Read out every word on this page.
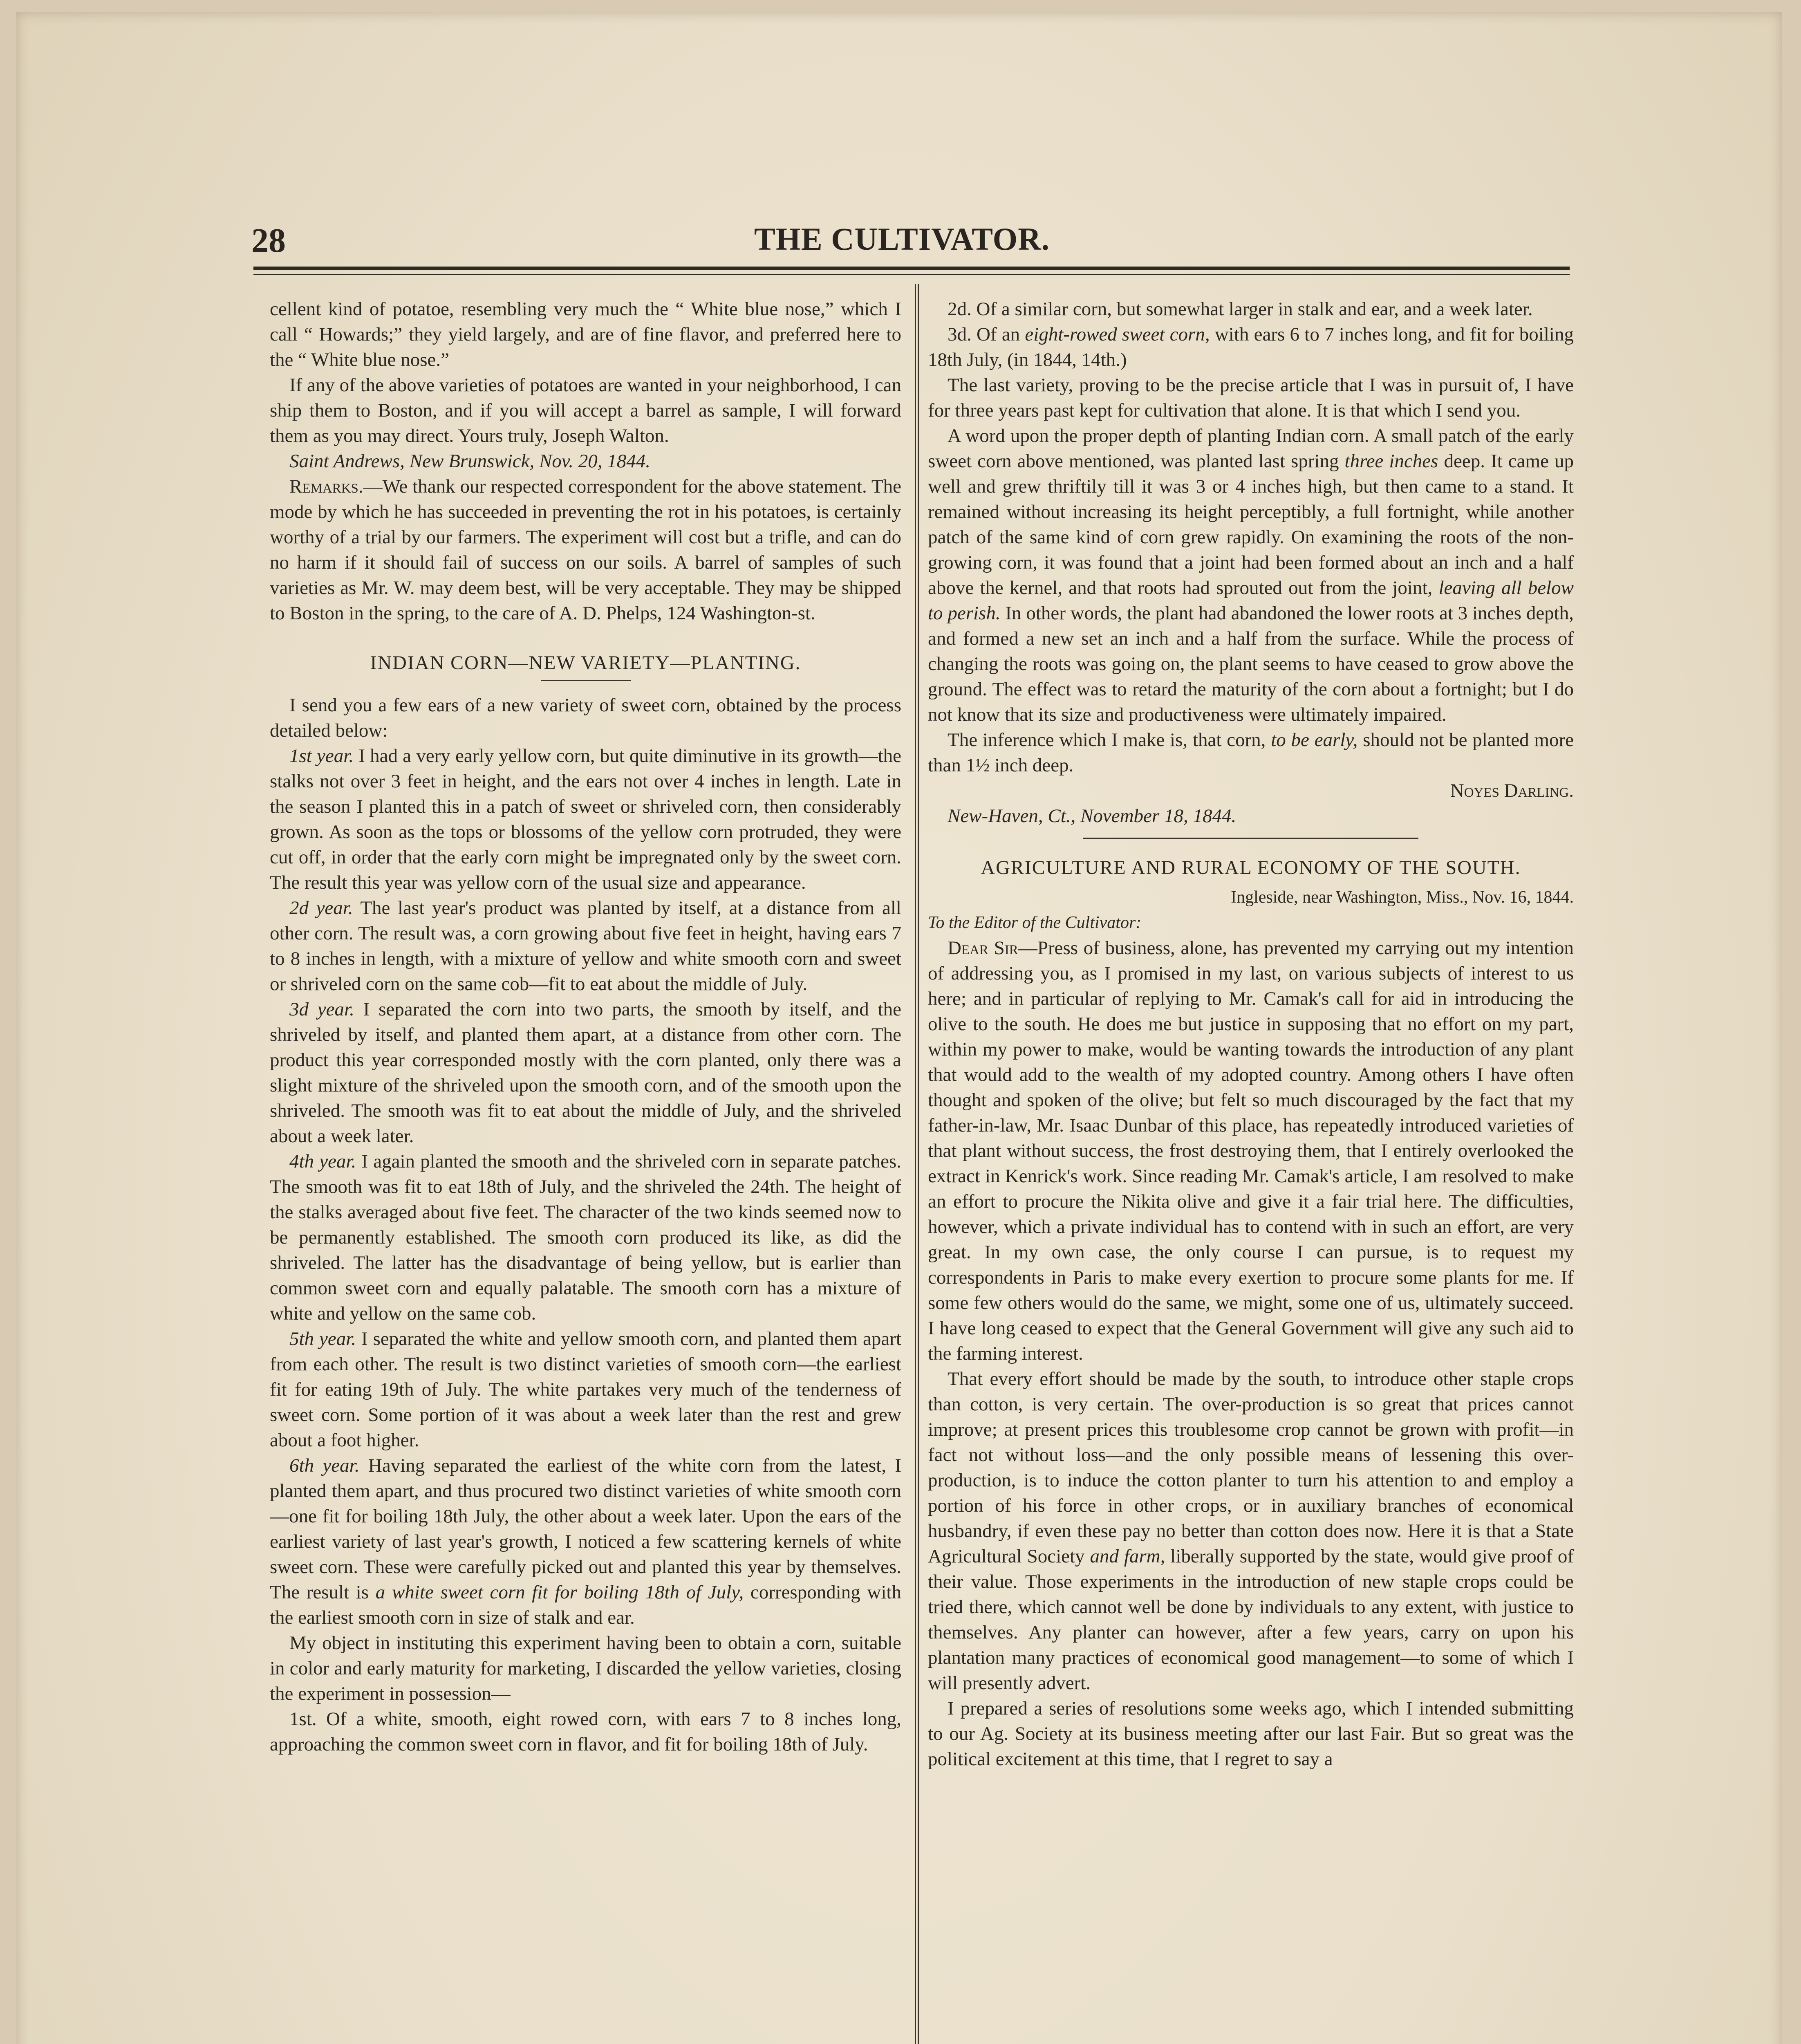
28	THE CULTIVATOR.

cellent kind of potatoe, resembling very much the “ White blue nose,” which I call “ Howards;” they yield largely, and are of fine flavor, and preferred here to the “ White blue nose.”

If any of the above varieties of potatoes are wanted in your neighborhood, I can ship them to Boston, and if you will accept a barrel as sample, I will forward them as you may direct. Yours truly, Joseph Walton.

Saint Andrews, New Brunswick, Nov. 20, 1844.

Remarks.—We thank our respected correspondent for the above statement. The mode by which he has succeeded in preventing the rot in his potatoes, is certainly worthy of a trial by our farmers. The experiment will cost but a trifle, and can do no harm if it should fail of success on our soils. A barrel of samples of such varieties as Mr. W. may deem best, will be very acceptable. They may be shipped to Boston in the spring, to the care of A. D. Phelps, 124 Washington-st.

INDIAN CORN—NEW VARIETY—PLANTING.

I send you a few ears of a new variety of sweet corn, obtained by the process detailed below:

1st year. I had a very early yellow corn, but quite diminutive in its growth—the stalks not over 3 feet in height, and the ears not over 4 inches in length. Late in the season I planted this in a patch of sweet or shriveled corn, then considerably grown. As soon as the tops or blossoms of the yellow corn protruded, they were cut off, in order that the early corn might be impregnated only by the sweet corn. The result this year was yellow corn of the usual size and appearance.

2d year. The last year's product was planted by itself, at a distance from all other corn. The result was, a corn growing about five feet in height, having ears 7 to 8 inches in length, with a mixture of yellow and white smooth corn and sweet or shriveled corn on the same cob—fit to eat about the middle of July.

3d year. I separated the corn into two parts, the smooth by itself, and the shriveled by itself, and planted them apart, at a distance from other corn. The product this year corresponded mostly with the corn planted, only there was a slight mixture of the shriveled upon the smooth corn, and of the smooth upon the shriveled. The smooth was fit to eat about the middle of July, and the shriveled about a week later.

4th year. I again planted the smooth and the shriveled corn in separate patches. The smooth was fit to eat 18th of July, and the shriveled the 24th. The height of the stalks averaged about five feet. The character of the two kinds seemed now to be permanently established. The smooth corn produced its like, as did the shriveled. The latter has the disadvantage of being yellow, but is earlier than common sweet corn and equally palatable. The smooth corn has a mixture of white and yellow on the same cob.

5th year. I separated the white and yellow smooth corn, and planted them apart from each other. The result is two distinct varieties of smooth corn—the earliest fit for eating 19th of July. The white partakes very much of the tenderness of sweet corn. Some portion of it was about a week later than the rest and grew about a foot higher.

6th year. Having separated the earliest of the white corn from the latest, I planted them apart, and thus procured two distinct varieties of white smooth corn—one fit for boiling 18th July, the other about a week later. Upon the ears of the earliest variety of last year's growth, I noticed a few scattering kernels of white sweet corn. These were carefully picked out and planted this year by themselves. The result is a white sweet corn fit for boiling 18th of July, corresponding with the earliest smooth corn in size of stalk and ear.

My object in instituting this experiment having been to obtain a corn, suitable in color and early maturity for marketing, I discarded the yellow varieties, closing the experiment in possession—

1st. Of a white, smooth, eight rowed corn, with ears 7 to 8 inches long, approaching the common sweet corn in flavor, and fit for boiling 18th of July.

2d. Of a similar corn, but somewhat larger in stalk and ear, and a week later.

3d. Of an eight-rowed sweet corn, with ears 6 to 7 inches long, and fit for boiling 18th July, (in 1844, 14th.)

The last variety, proving to be the precise article that I was in pursuit of, I have for three years past kept for cultivation that alone. It is that which I send you.

A word upon the proper depth of planting Indian corn. A small patch of the early sweet corn above mentioned, was planted last spring three inches deep. It came up well and grew thriftily till it was 3 or 4 inches high, but then came to a stand. It remained without increasing its height perceptibly, a full fortnight, while another patch of the same kind of corn grew rapidly. On examining the roots of the non-growing corn, it was found that a joint had been formed about an inch and a half above the kernel, and that roots had sprouted out from the joint, leaving all below to perish. In other words, the plant had abandoned the lower roots at 3 inches depth, and formed a new set an inch and a half from the surface. While the process of changing the roots was going on, the plant seems to have ceased to grow above the ground. The effect was to retard the maturity of the corn about a fortnight; but I do not know that its size and productiveness were ultimately impaired.

The inference which I make is, that corn, to be early, should not be planted more than 1½ inch deep.

Noyes Darling.

New-Haven, Ct., November 18, 1844.

AGRICULTURE AND RURAL ECONOMY OF THE SOUTH.

Ingleside, near Washington, Miss., Nov. 16, 1844.

To the Editor of the Cultivator:

Dear Sir—Press of business, alone, has prevented my carrying out my intention of addressing you, as I promised in my last, on various subjects of interest to us here; and in particular of replying to Mr. Camak's call for aid in introducing the olive to the south. He does me but justice in supposing that no effort on my part, within my power to make, would be wanting towards the introduction of any plant that would add to the wealth of my adopted country. Among others I have often thought and spoken of the olive; but felt so much discouraged by the fact that my father-in-law, Mr. Isaac Dunbar of this place, has repeatedly introduced varieties of that plant without success, the frost destroying them, that I entirely overlooked the extract in Kenrick's work. Since reading Mr. Camak's article, I am resolved to make an effort to procure the Nikita olive and give it a fair trial here. The difficulties, however, which a private individual has to contend with in such an effort, are very great. In my own case, the only course I can pursue, is to request my correspondents in Paris to make every exertion to procure some plants for me. If some few others would do the same, we might, some one of us, ultimately succeed. I have long ceased to expect that the General Government will give any such aid to the farming interest.

That every effort should be made by the south, to introduce other staple crops than cotton, is very certain. The over-production is so great that prices cannot improve; at present prices this troublesome crop cannot be grown with profit—in fact not without loss—and the only possible means of lessening this over-production, is to induce the cotton planter to turn his attention to and employ a portion of his force in other crops, or in auxiliary branches of economical husbandry, if even these pay no better than cotton does now. Here it is that a State Agricultural Society and farm, liberally supported by the state, would give proof of their value. Those experiments in the introduction of new staple crops could be tried there, which cannot well be done by individuals to any extent, with justice to themselves. Any planter can however, after a few years, carry on upon his plantation many practices of economical good management—to some of which I will presently advert.

I prepared a series of resolutions some weeks ago, which I intended submitting to our Ag. Society at its business meeting after our last Fair. But so great was the political excitement at this time, that I regret to say a
